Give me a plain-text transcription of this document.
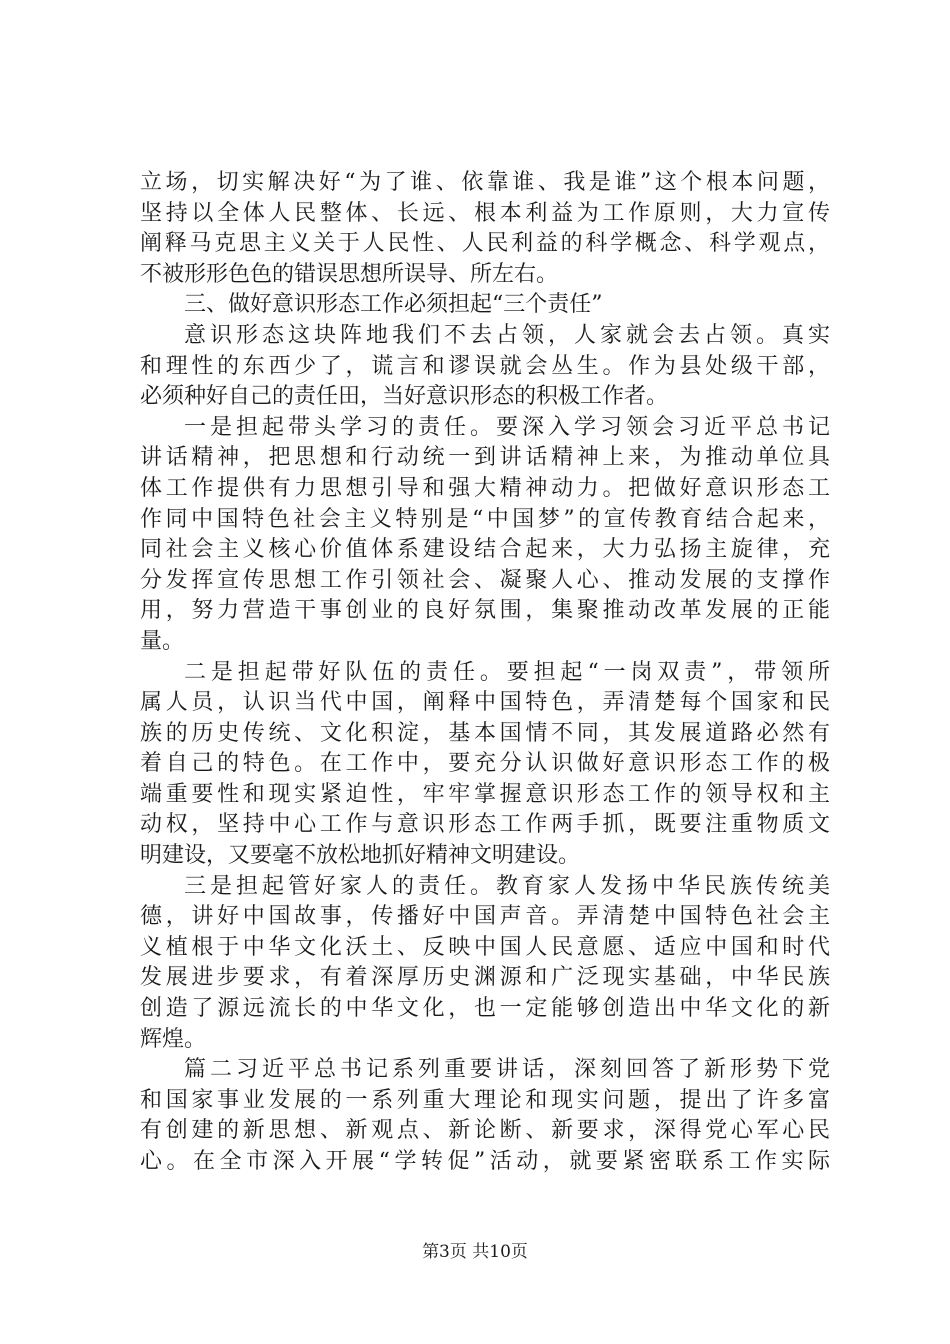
立场，切实解决好“为了谁、依靠谁、我是谁”这个根本问题，
坚持以全体人民整体、长远、根本利益为工作原则，大力宣传
阐释马克思主义关于人民性、人民利益的科学概念、科学观点，
不被形形色色的错误思想所误导、所左右。
三、做好意识形态工作必须担起“三个责任”
意识形态这块阵地我们不去占领，人家就会去占领。真实
和理性的东西少了，谎言和谬误就会丛生。作为县处级干部，
必须种好自己的责任田，当好意识形态的积极工作者。
一是担起带头学习的责任。要深入学习领会习近平总书记
讲话精神，把思想和行动统一到讲话精神上来，为推动单位具
体工作提供有力思想引导和强大精神动力。把做好意识形态工
作同中国特色社会主义特别是“中国梦”的宣传教育结合起来，
同社会主义核心价值体系建设结合起来，大力弘扬主旋律，充
分发挥宣传思想工作引领社会、凝聚人心、推动发展的支撑作
用，努力营造干事创业的良好氛围，集聚推动改革发展的正能
量。
二是担起带好队伍的责任。要担起“一岗双责”，带领所
属人员，认识当代中国，阐释中国特色，弄清楚每个国家和民
族的历史传统、文化积淀，基本国情不同，其发展道路必然有
着自己的特色。在工作中，要充分认识做好意识形态工作的极
端重要性和现实紧迫性，牢牢掌握意识形态工作的领导权和主
动权，坚持中心工作与意识形态工作两手抓，既要注重物质文
明建设，又要毫不放松地抓好精神文明建设。
三是担起管好家人的责任。教育家人发扬中华民族传统美
德，讲好中国故事，传播好中国声音。弄清楚中国特色社会主
义植根于中华文化沃土、反映中国人民意愿、适应中国和时代
发展进步要求，有着深厚历史渊源和广泛现实基础，中华民族
创造了源远流长的中华文化，也一定能够创造出中华文化的新
辉煌。
篇二习近平总书记系列重要讲话，深刻回答了新形势下党
和国家事业发展的一系列重大理论和现实问题，提出了许多富
有创建的新思想、新观点、新论断、新要求，深得党心军心民
心。在全市深入开展“学转促”活动，就要紧密联系工作实际
第3页 共10页
